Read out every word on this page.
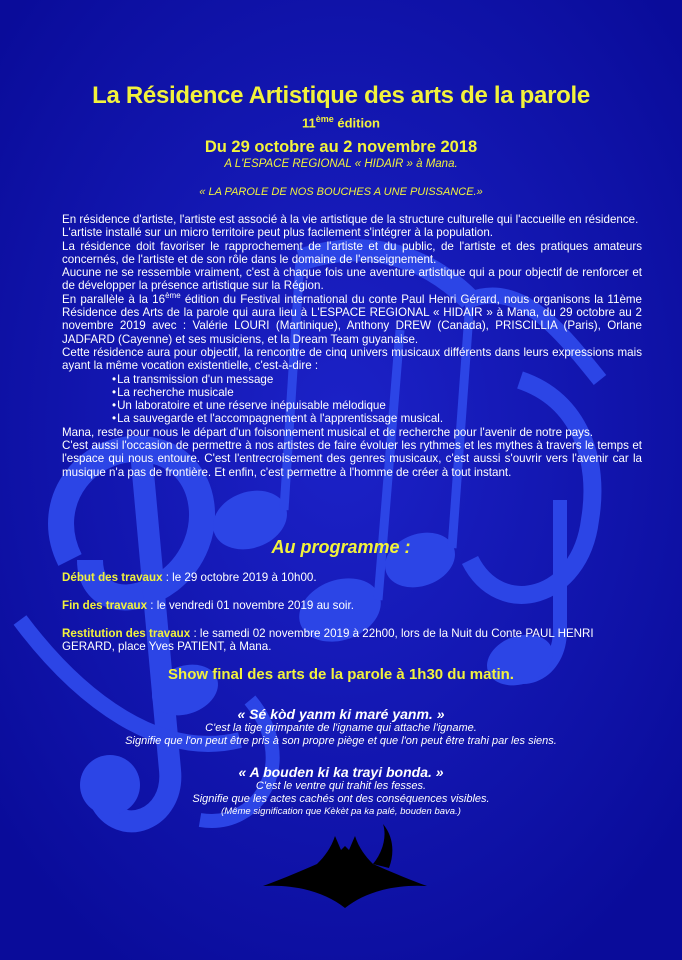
La Résidence Artistique des arts de la parole
11ème édition
Du 29 octobre au 2 novembre 2018
A L'ESPACE REGIONAL « HIDAIR » à Mana.
« LA PAROLE DE NOS BOUCHES A UNE PUISSANCE.»

En résidence d'artiste, l'artiste est associé à la vie artistique de la structure culturelle qui l'accueille en résidence.

L'artiste installé sur un micro territoire peut plus facilement s'intégrer à la population.

La résidence doit favoriser le rapprochement de l'artiste et du public, de l'artiste et des pratiques amateurs concernés, de l'artiste et de son rôle dans le domaine de l'enseignement.

Aucune ne se ressemble vraiment, c'est à chaque fois une aventure artistique qui a pour objectif de renforcer et de développer la présence artistique sur la Région.

En parallèle à la 16ème édition du Festival international du conte Paul Henri Gérard, nous organisons la 11ème Résidence des Arts de la parole qui aura lieu à L'ESPACE REGIONAL « HIDAIR » à Mana, du 29 octobre au 2 novembre 2019 avec : Valérie LOURI (Martinique), Anthony DREW (Canada), PRISCILLIA (Paris), Orlane JADFARD (Cayenne) et ses musiciens, et la Dream Team guyanaise.

Cette résidence aura pour objectif, la rencontre de cinq univers musicaux différents dans leurs expressions mais ayant la même vocation existentielle, c'est-à-dire :

• La transmission d'un message
• La recherche musicale
• Un laboratoire et une réserve inépuisable mélodique
• La sauvegarde et l'accompagnement à l'apprentissage musical.

Mana, reste pour nous le départ d'un foisonnement musical et de recherche pour l'avenir de notre pays.

C'est aussi l'occasion de permettre à nos artistes de faire évoluer les rythmes et les mythes à travers le temps et l'espace qui nous entoure. C'est l'entrecroisement des genres musicaux, c'est aussi s'ouvrir vers l'avenir car la musique n'a pas de frontière. Et enfin, c'est permettre à l'homme de créer à tout instant.

Au programme :
Début des travaux : le 29 octobre 2019 à 10h00.
Fin des travaux : le vendredi 01 novembre 2019 au soir.
Restitution des travaux : le samedi 02 novembre 2019 à 22h00, lors de la Nuit du Conte PAUL HENRI GERARD, place Yves PATIENT, à Mana.
Show final des arts de la parole à 1h30 du matin.
« Sé kòd yanm ki maré yanm. »
C'est la tige grimpante de l'igname qui attache l'igname.
Signifie que l'on peut être pris à son propre piège et que l'on peut être trahi par les siens.
« A bouden ki ka trayi bonda. »
C'est le ventre qui trahit les fesses.
Signifie que les actes cachés ont des conséquences visibles.
(Même signification que Kèkèt pa ka palé, bouden bava.)
11
